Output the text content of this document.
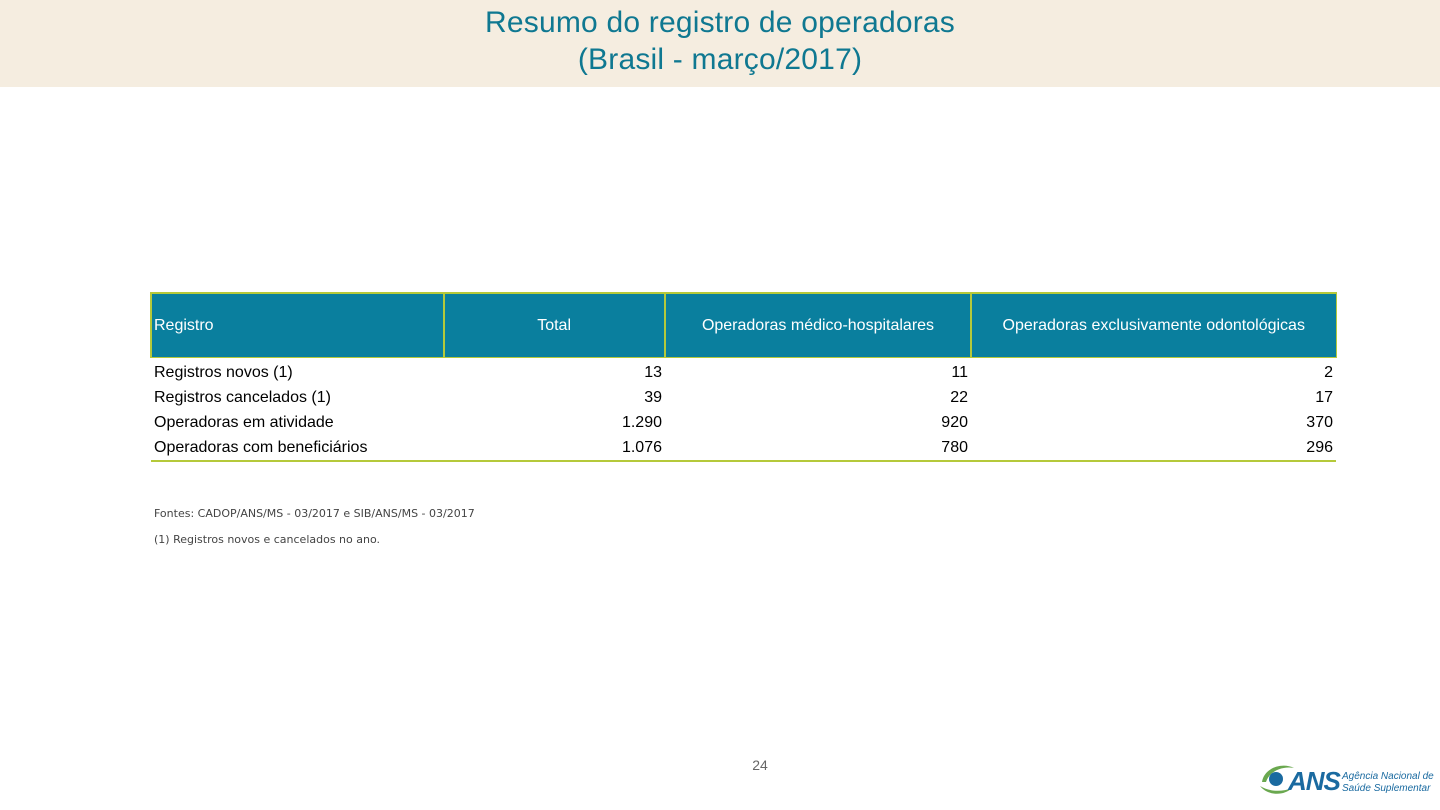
Resumo do registro de operadoras
(Brasil - março/2017)
Registro	Total	Operadoras médico-hospitalares	Operadoras exclusivamente odontológicas
Registros novos (1)	13	11	2
Registros cancelados (1)	39	22	17
Operadoras em atividade	1.290	920	370
Operadoras com beneficiários	1.076	780	296
Fontes: CADOP/ANS/MS - 03/2017 e SIB/ANS/MS - 03/2017
(1) Registros novos e cancelados no ano.
24
ANS Agência Nacional de
Saúde Suplementar
